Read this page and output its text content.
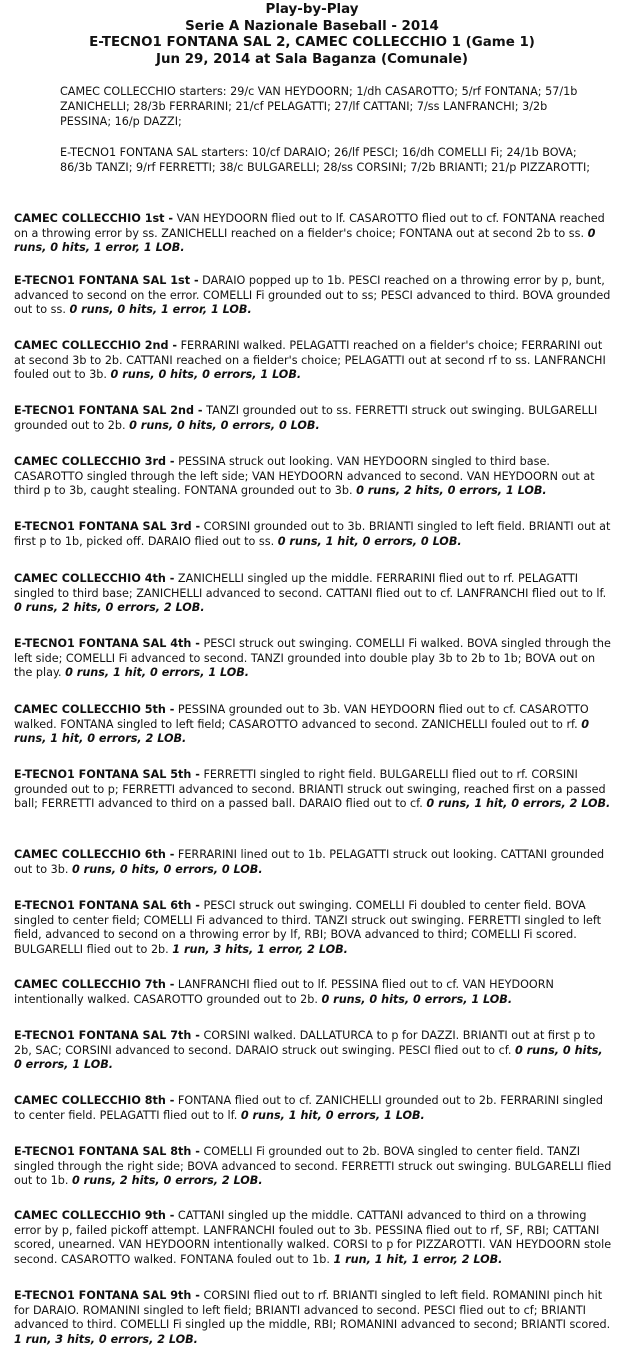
Play-by-Play
Serie A Nazionale Baseball - 2014
E-TECNO1 FONTANA SAL 2, CAMEC COLLECCHIO 1 (Game 1)
Jun 29, 2014 at Sala Baganza (Comunale)

CAMEC COLLECCHIO starters: 29/c VAN HEYDOORN; 1/dh CASAROTTO; 5/rf FONTANA; 57/1b ZANICHELLI; 28/3b FERRARINI; 21/cf PELAGATTI; 27/lf CATTANI; 7/ss LANFRANCHI; 3/2b PESSINA; 16/p DAZZI;

E-TECNO1 FONTANA SAL starters: 10/cf DARAIO; 26/lf PESCI; 16/dh COMELLI Fi; 24/1b BOVA; 86/3b TANZI; 9/rf FERRETTI; 38/c BULGARELLI; 28/ss CORSINI; 7/2b BRIANTI; 21/p PIZZAROTTI;

CAMEC COLLECCHIO 1st - VAN HEYDOORN flied out to lf. CASAROTTO flied out to cf. FONTANA reached on a throwing error by ss. ZANICHELLI reached on a fielder's choice; FONTANA out at second 2b to ss. 0 runs, 0 hits, 1 error, 1 LOB.

E-TECNO1 FONTANA SAL 1st - DARAIO popped up to 1b. PESCI reached on a throwing error by p, bunt, advanced to second on the error. COMELLI Fi grounded out to ss; PESCI advanced to third. BOVA grounded out to ss. 0 runs, 0 hits, 1 error, 1 LOB.

CAMEC COLLECCHIO 2nd - FERRARINI walked. PELAGATTI reached on a fielder's choice; FERRARINI out at second 3b to 2b. CATTANI reached on a fielder's choice; PELAGATTI out at second rf to ss. LANFRANCHI fouled out to 3b. 0 runs, 0 hits, 0 errors, 1 LOB.

E-TECNO1 FONTANA SAL 2nd - TANZI grounded out to ss. FERRETTI struck out swinging. BULGARELLI grounded out to 2b. 0 runs, 0 hits, 0 errors, 0 LOB.

CAMEC COLLECCHIO 3rd - PESSINA struck out looking. VAN HEYDOORN singled to third base. CASAROTTO singled through the left side; VAN HEYDOORN advanced to second. VAN HEYDOORN out at third p to 3b, caught stealing. FONTANA grounded out to 3b. 0 runs, 2 hits, 0 errors, 1 LOB.

E-TECNO1 FONTANA SAL 3rd - CORSINI grounded out to 3b. BRIANTI singled to left field. BRIANTI out at first p to 1b, picked off. DARAIO flied out to ss. 0 runs, 1 hit, 0 errors, 0 LOB.

CAMEC COLLECCHIO 4th - ZANICHELLI singled up the middle. FERRARINI flied out to rf. PELAGATTI singled to third base; ZANICHELLI advanced to second. CATTANI flied out to cf. LANFRANCHI flied out to lf. 0 runs, 2 hits, 0 errors, 2 LOB.

E-TECNO1 FONTANA SAL 4th - PESCI struck out swinging. COMELLI Fi walked. BOVA singled through the left side; COMELLI Fi advanced to second. TANZI grounded into double play 3b to 2b to 1b; BOVA out on the play. 0 runs, 1 hit, 0 errors, 1 LOB.

CAMEC COLLECCHIO 5th - PESSINA grounded out to 3b. VAN HEYDOORN flied out to cf. CASAROTTO walked. FONTANA singled to left field; CASAROTTO advanced to second. ZANICHELLI fouled out to rf. 0 runs, 1 hit, 0 errors, 2 LOB.

E-TECNO1 FONTANA SAL 5th - FERRETTI singled to right field. BULGARELLI flied out to rf. CORSINI grounded out to p; FERRETTI advanced to second. BRIANTI struck out swinging, reached first on a passed ball; FERRETTI advanced to third on a passed ball. DARAIO flied out to cf. 0 runs, 1 hit, 0 errors, 2 LOB.

CAMEC COLLECCHIO 6th - FERRARINI lined out to 1b. PELAGATTI struck out looking. CATTANI grounded out to 3b. 0 runs, 0 hits, 0 errors, 0 LOB.

E-TECNO1 FONTANA SAL 6th - PESCI struck out swinging. COMELLI Fi doubled to center field. BOVA singled to center field; COMELLI Fi advanced to third. TANZI struck out swinging. FERRETTI singled to left field, advanced to second on a throwing error by lf, RBI; BOVA advanced to third; COMELLI Fi scored. BULGARELLI flied out to 2b. 1 run, 3 hits, 1 error, 2 LOB.

CAMEC COLLECCHIO 7th - LANFRANCHI flied out to lf. PESSINA flied out to cf. VAN HEYDOORN intentionally walked. CASAROTTO grounded out to 2b. 0 runs, 0 hits, 0 errors, 1 LOB.

E-TECNO1 FONTANA SAL 7th - CORSINI walked. DALLATURCA to p for DAZZI. BRIANTI out at first p to 2b, SAC; CORSINI advanced to second. DARAIO struck out swinging. PESCI flied out to cf. 0 runs, 0 hits, 0 errors, 1 LOB.

CAMEC COLLECCHIO 8th - FONTANA flied out to cf. ZANICHELLI grounded out to 2b. FERRARINI singled to center field. PELAGATTI flied out to lf. 0 runs, 1 hit, 0 errors, 1 LOB.

E-TECNO1 FONTANA SAL 8th - COMELLI Fi grounded out to 2b. BOVA singled to center field. TANZI singled through the right side; BOVA advanced to second. FERRETTI struck out swinging. BULGARELLI flied out to 1b. 0 runs, 2 hits, 0 errors, 2 LOB.

CAMEC COLLECCHIO 9th - CATTANI singled up the middle. CATTANI advanced to third on a throwing error by p, failed pickoff attempt. LANFRANCHI fouled out to 3b. PESSINA flied out to rf, SF, RBI; CATTANI scored, unearned. VAN HEYDOORN intentionally walked. CORSI to p for PIZZAROTTI. VAN HEYDOORN stole second. CASAROTTO walked. FONTANA fouled out to 1b. 1 run, 1 hit, 1 error, 2 LOB.

E-TECNO1 FONTANA SAL 9th - CORSINI flied out to rf. BRIANTI singled to left field. ROMANINI pinch hit for DARAIO. ROMANINI singled to left field; BRIANTI advanced to second. PESCI flied out to cf; BRIANTI advanced to third. COMELLI Fi singled up the middle, RBI; ROMANINI advanced to second; BRIANTI scored. 1 run, 3 hits, 0 errors, 2 LOB.
